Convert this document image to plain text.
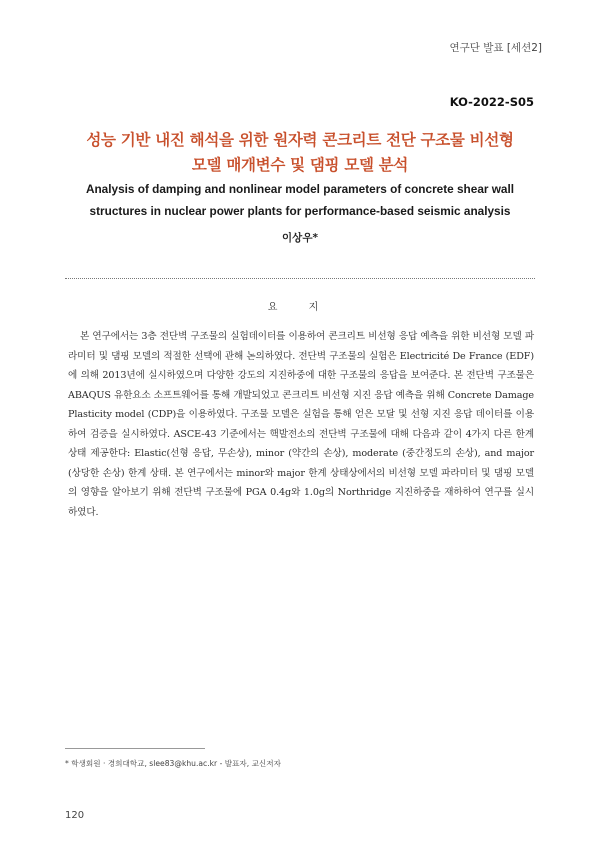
연구단 발표 [세션2]
KO-2022-S05
성능 기반 내진 해석을 위한 원자력 콘크리트 전단 구조물 비선형
모델 매개변수 및 댐핑 모델 분석
Analysis of damping and nonlinear model parameters of concrete shear wall
structures in nuclear power plants for performance-based seismic analysis
이상우*
요 지
본 연구에서는 3층 전단벽 구조물의 실험데이터를 이용하여 콘크리트 비선형 응답 예측을 위한 비선형 모델 파라미터 및 댐핑 모델의 적절한 선택에 관해 논의하였다. 전단벽 구조물의 실험은 Electricité De France (EDF)에 의해 2013년에 실시하였으며 다양한 강도의 지진하중에 대한 구조물의 응답을 보여준다. 본 전단벽 구조물은 ABAQUS 유한요소 소프트웨어를 통해 개발되었고 콘크리트 비선형 지진 응답 예측을 위해 Concrete Damage Plasticity model (CDP)을 이용하였다. 구조물 모델은 실험을 통해 얻은 모달 및 선형 지진 응답 데이터를 이용하여 검증을 실시하였다. ASCE-43 기준에서는 핵발전소의 전단벽 구조물에 대해 다음과 같이 4가지 다른 한계 상태 제공한다: Elastic(선형 응답, 무손상), minor (약간의 손상), moderate (중간정도의 손상), and major (상당한 손상) 한계 상태. 본 연구에서는 minor와 major 한계 상태상에서의 비선형 모델 파라미터 및 댐핑 모델의 영향을 알아보기 위해 전단벽 구조물에 PGA 0.4g와 1.0g의 Northridge 지진하중을 재하하여 연구를 실시하였다.
* 학생회원 · 경희대학교, slee83@khu.ac.kr - 발표자, 교신저자
120
